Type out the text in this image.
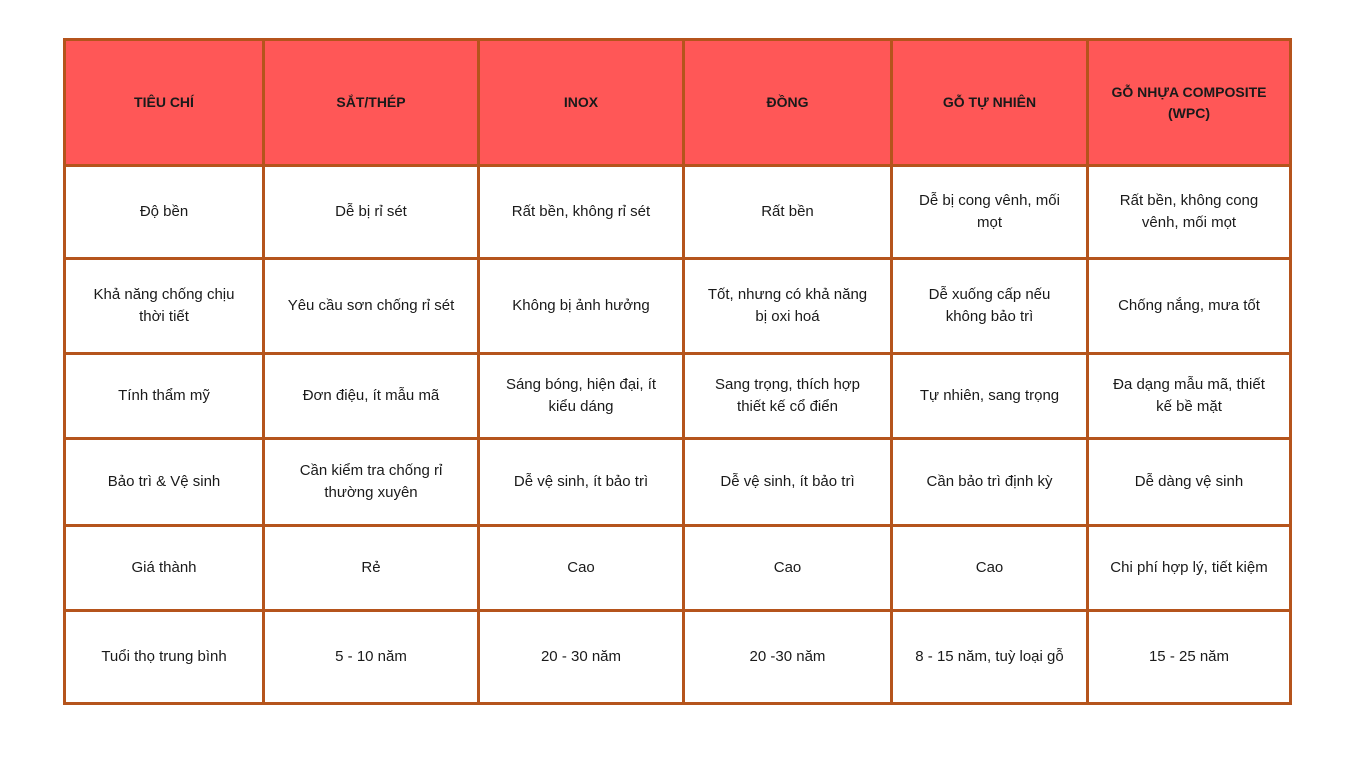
TIÊU CHÍ	SẮT/THÉP	INOX	ĐỒNG	GỖ TỰ NHIÊN	GỖ NHỰA COMPOSITE (WPC)
Độ bền	Dễ bị rỉ sét	Rất bền, không rỉ sét	Rất bền	Dễ bị cong vênh, mối mọt	Rất bền, không cong vênh, mối mọt
Khả năng chống chịu thời tiết	Yêu cầu sơn chống rỉ sét	Không bị ảnh hưởng	Tốt, nhưng có khả năng bị oxi hoá	Dễ xuống cấp nếu không bảo trì	Chống nắng, mưa tốt
Tính thẩm mỹ	Đơn điệu, ít mẫu mã	Sáng bóng, hiện đại, ít kiểu dáng	Sang trọng, thích hợp thiết kế cổ điển	Tự nhiên, sang trọng	Đa dạng mẫu mã, thiết kế bề mặt
Bảo trì & Vệ sinh	Cần kiểm tra chống rỉ thường xuyên	Dễ vệ sinh, ít bảo trì	Dễ vệ sinh, ít bảo trì	Cần bảo trì định kỳ	Dễ dàng vệ sinh
Giá thành	Rẻ	Cao	Cao	Cao	Chi phí hợp lý, tiết kiệm
Tuổi thọ trung bình	5 - 10 năm	20 - 30 năm	20 -30 năm	8 - 15 năm, tuỳ loại gỗ	15 - 25 năm
